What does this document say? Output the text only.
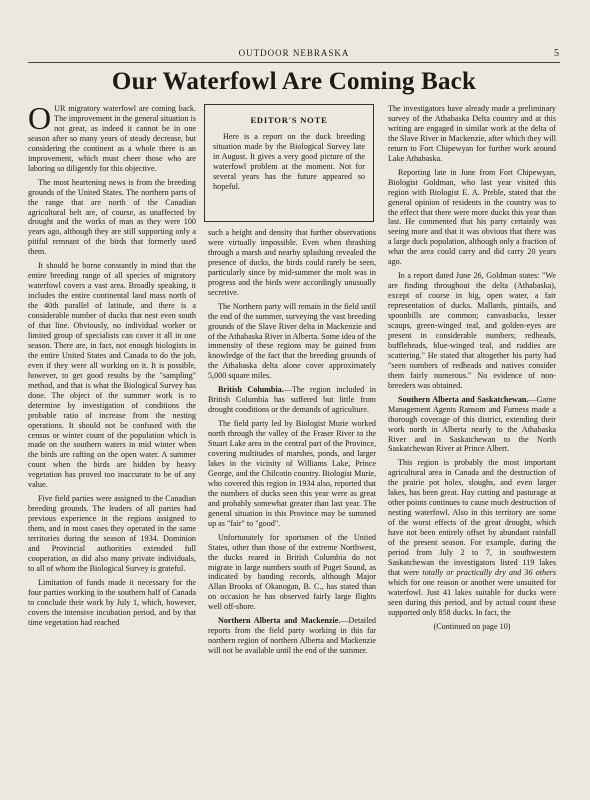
OUTDOOR NEBRASKA	5
Our Waterfowl Are Coming Back

OUR migratory waterfowl are coming back. The improvement in the general situation is not great, as indeed it cannot be in one season after so many years of steady decrease, but considering the continent as a whole there is an improvement, which must cheer those who are laboring so diligently for this objective.

The most heartening news is from the breeding grounds of the United States. The northern parts of the range that are north of the Canadian agricultural belt are, of course, as unaffected by drought and the works of man as they were 100 years ago, although they are still supporting only a pitiful remnant of the birds that formerly used them.

It should be borne constantly in mind that the entire breeding range of all species of migratory waterfowl covers a vast area. Broadly speaking, it includes the entire continental land mass north of the 40th parallel of latitude, and there is a considerable number of ducks that nest even south of that line. Obviously, no individual worker or limited group of specialists can cover it all in one season. There are, in fact, not enough biologists in the entire United States and Canada to do the job, even if they were all working on it. It is possible, however, to get good results by the "sampling" method, and that is what the Biological Survey has done. The object of the summer work is to determine by investigation of conditions the probable ratio of increase from the nesting operations. It should not be confused with the census or winter count of the population which is made on the southern waters in mid winter when the birds are rafting on the open water. A summer count when the birds are hidden by heavy vegetation has proved too inaccurate to be of any value.

Five field parties were assigned to the Canadian breeding grounds. The leaders of all parties had previous experience in the regions assigned to them, and in most cases they operated in the same territories during the season of 1934. Dominion and Provincial authorities extended full cooperation, as did also many private individuals, to all of whom the Biological Survey is grateful.

Limitation of funds made it necessary for the four parties working in the southern half of Canada to conclude their work by July 1, which, however, covers the intensive incubation period, and by that time vegetation had reached

EDITOR'S NOTE

Here is a report on the duck breeding situation made by the Biological Survey late in August. It gives a very good picture of the waterfowl problem at the moment. Not for several years has the future appeared so hopeful.

such a height and density that further observations were virtually impossible. Even when thrashing through a marsh and nearby splashing revealed the presence of ducks, the birds could rarely be seen, particularly since by mid-summer the molt was in progress and the birds were accordingly unusually secretive.

The Northern party will remain in the field until the end of the summer, surveying the vast breeding grounds of the Slave River delta in Mackenzie and of the Athabaska River in Alberta. Some idea of the immensity of these regions may be gained from knowledge of the fact that the breeding grounds of the Athabaska delta alone cover approximately 5,000 square miles.

British Columbia.—The region included in British Columbia has suffered but little from drought conditions or the demands of agriculture.

The field party led by Biologist Murie worked north through the valley of the Fraser River to the Stuart Lake area in the central part of the Province, covering multitudes of marshes, ponds, and larger lakes in the vicinity of Williams Lake, Prince George, and the Chilcotin country. Biologist Murie, who covered this region in 1934 also, reported that the numbers of ducks seen this year were as great and probably somewhat greater than last year. The general situation in this Province may be summed up as "fair" to "good".

Unfortunately for sportsmen of the United States, other than those of the extreme Northwest, the ducks reared in British Columbia do not migrate in large numbers south of Puget Sound, as indicated by banding records, although Major Allan Brooks of Okanogan, B. C., has stated than on occasion he has observed fairly large flights well off-shore.

Northern Alberta and Mackenzie.—Detailed reports from the field party working in this far northern region of northern Alberta and Mackenzie will not be available until the end of the summer.

The investigators have already made a preliminary survey of the Athabaska Delta country and at this writing are engaged in similar work at the delta of the Slave River in Mackenzie, after which they will return to Fort Chipewyan for further work around Lake Athabaska.

Reporting late in June from Fort Chipewyan, Biologist Goldman, who last year visited this region with Biologist E. A. Preble, stated that the general opinion of residents in the country was to the effect that there were more ducks this year than last. He commented that his party certainly was seeing more and that it was obvious that there was a large duck population, although only a fraction of what the area could carry and did carry 20 years ago.

In a report dated June 26, Goldman states: "We are finding throughout the delta (Athabaska), except of course in big, open water, a fair representation of ducks. Mallards, pintails, and spoonbills are common; canvasbacks, lesser scaups, green-winged teal, and golden-eyes are present in considerable numbers; redheads, buffleheads, blue-winged teal, and ruddies are scattering." He stated that altogether his party had "seen numbers of redheads and natives consider them fairly numerous." No evidence of non-breeders was obtained.

Southern Alberta and Saskatchewan.—Game Management Agents Ransom and Furness made a thorough coverage of this district, extending their work north in Alberta nearly to the Athabaska River and in Saskatchewan to the North Saskatchewan River at Prince Albert.

This region is probably the most important agricultural area in Canada and the destruction of the prairie pot holes, sloughs, and even larger lakes, has been great. Hay cutting and pasturage at other points continues to cause much destruction of nesting waterfowl. Also in this territory are some of the worst effects of the great drought, which have not been entirely offset by abundant rainfall of the present season. For example, during the period from July 2 to 7, in southwestern Saskatchewan the investigators listed 119 lakes that were totally or practically dry and 36 others which for one reason or another were unsuited for waterfowl. Just 41 lakes suitable for ducks were seen during this period, and by actual count these supported only 858 ducks. In fact, the

(Continued on page 10)
